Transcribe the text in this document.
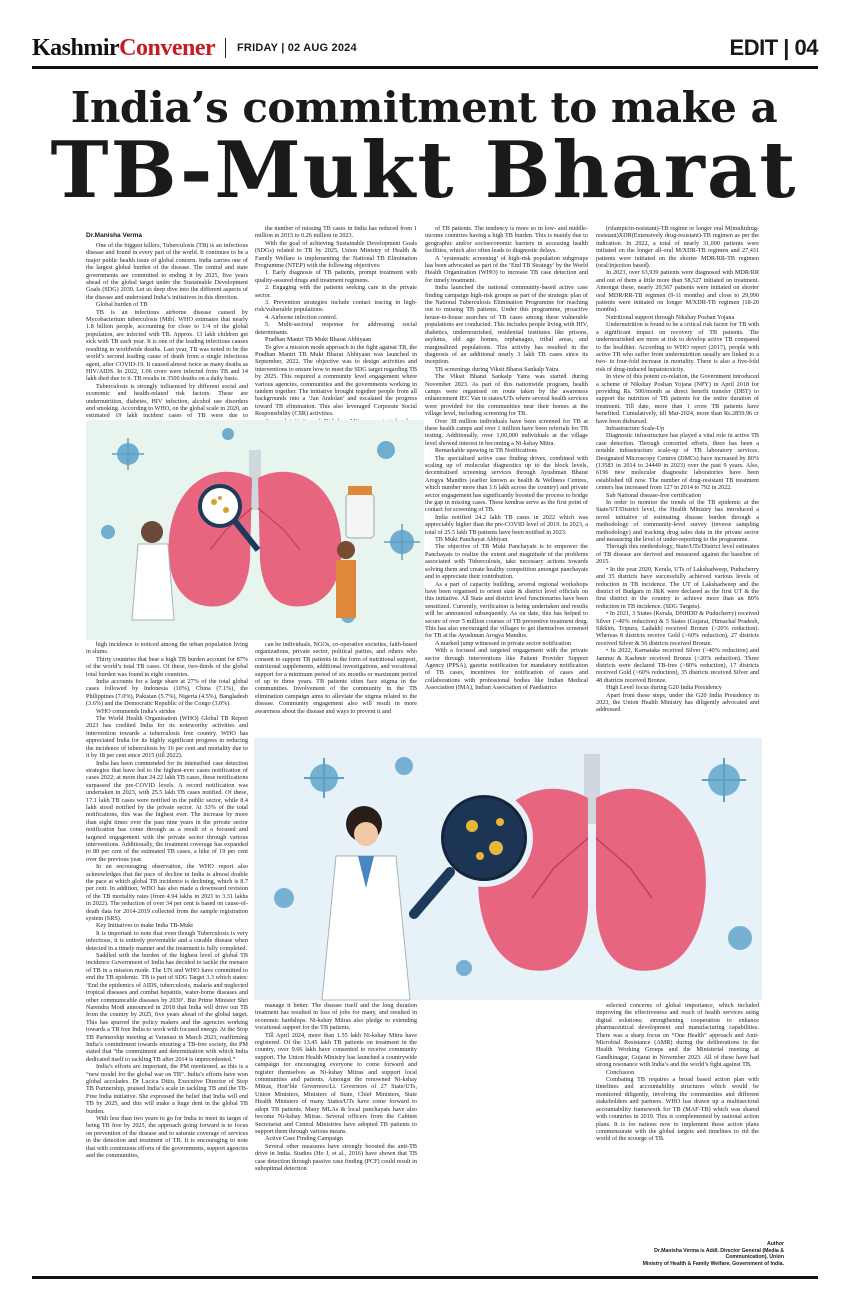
KashmirConvener FRIDAY | 02 AUG 2024	EDIT | 04
India’s commitment to make a
TB-Mukt Bharat
Dr.Manisha Verma

One of the biggest killers, Tuberculosis (TB) is an infectious disease and found in every part of the world. It continues to be a major public health issue of global concern. India carries one of the largest global burden of the disease. The central and state governments are committed to ending it by 2025, five years ahead of the global target under the Sustainable Development Goals (SDG) 2030. Let us deep dive into the different aspects of the disease and understand India’s initiatives in this direction.

Global burden of TB

TB is an infectious airborne disease caused by Mycobacterium tuberculosis (Mtb). WHO estimates that nearly 1.8 billion people, accounting for close to 1/4 of the global population, are infected with TB. Approx. 13 lakh children get sick with TB each year. It is one of the leading infectious causes resulting in worldwide deaths. Last year, TB was noted to be the world’s second leading cause of death from a single infectious agent, after COVID-19. It caused almost twice as many deaths as HIV/AIDS. In 2022, 1.06 crore were infected from TB and 14 lakh died due to it. TB results in 3500 deaths on a daily basis.

Tuberculosis is strongly influenced by different social and economic and health-related risk factors. These are undernutrition, diabetes, HIV infection, alcohol use disorders and smoking. According to WHO, on the global scale in 2020, an estimated 19 lakh incident cases of TB were due to

the number of missing TB cases in India has reduced from 1 million in 2015 to 0.26 million in 2023.

With the goal of achieving Sustainable Development Goals (SDGs) related to TB by 2025, Union Ministry of Health & Family Welfare is implementing the National TB Elimination Programme (NTEP) with the following objectives:

1. Early diagnosis of TB patients, prompt treatment with quality-assured drugs and treatment regimens.

2. Engaging with the patients seeking care in the private sector.

3. Prevention strategies include contact tracing in high-risk/vulnerable populations.

4. Airborne infection control.

5. Multi-sectoral response for addressing social determinants.

Pradhan Mantri TB Mukt Bharat Abhiyaan

To give a mission mode approach to the fight against TB, the Pradhan Mantri TB Mukt Bharat Abhiyaan was launched in September, 2022. The objective was to design activities and interventions to ensure how to meet the SDG target regarding TB by 2025. This required a community level engagement where various agencies, communities and the governments working in tandem together. The initiative brought together people from all backgrounds into a ‘Jan Andolan’ and escalated the progress toward TB elimination. This also leveraged Corporate Social Responsibility (CSR) activities.

of TB patients. The tendency is more so in low- and middle-income countries having a high TB burden. This is mainly due to geographic and/or socioeconomic barriers in accessing health facilities, which also often leads to diagnostic delays.

A ‘systematic screening’ of high-risk population subgroups has been advocated as part of the ‘End TB Strategy’ by the World Health Organization (WHO) to increase TB case detection and for timely treatment.

India launched the national community-based active case finding campaign high-risk groups as part of the strategic plan of the National Tuberculosis Elimination Programme for reaching out to missing TB patients. Under this programme, proactive house-to-house searches of TB cases among these vulnerable populations are conducted. This includes people living with HIV, diabetics, undernourished, residential institutes like prisons, asylums, old age homes, orphanages, tribal areas, and marginalized populations. This activity has resulted in the diagnosis of an additional nearly 3 lakh TB cases since its inception.

TB screenings during Viksit Bharat Sankalp Yatra

The Viksit Bharat Sankalp Yatra was started during November 2023. As part of this nationwide program, health camps were organised on route taken by the awareness enhancement IEC Van in states/UTs where several health services were provided for the communities near their homes at the village level, including screening for TB.

Over 38 million individuals have been screened for TB at these health camps and over 1 million have been referrals for TB testing. Additionally, over 1,00,000 individuals at the village level showed interest in becoming a Ni-kshay Mitra.

Remarkable upswing in TB Notifications

The specialised active case finding drives, combined with scaling up of molecular diagnostics up to the block levels, decentralised screening services through Ayushman Bharat Arogya Mandirs (earlier known as health & Wellness Centres, which number more than 1.6 lakh across the country) and private sector engagement has significantly boosted the process to bridge the gap in missing cases. These kendras serve as the first point of contact for screening of TB.

India notified 24.2 lakh TB cases in 2022 which was appreciably higher than the pre-COVID level of 2019. In 2023, a total of 25.5 lakh TB patients have been notified in 2023.

TB Mukt Panchayat Abhiyan

The objective of TB Mukt Panchayats is to empower the Panchayats to realize the extent and magnitude of the problems associated with Tuberculosis, take necessary actions towards solving them and create healthy competition amongst panchayats and to appreciate their contribution.

As a part of capacity building, several regional workshops have been organised to orient state & district level officials on this initiative. All State and district level functionaries have been sensitized. Currently, verification is being undertaken and results will be announced subsequently. As on date, this has helped to secure of over 5 million courses of TB preventive treatment drug. This has also encouraged the villages to get themselves screened for TB at the Ayushman Arogya Mandirs.

A marked jump witnessed in private sector notification

With a focused and targeted engagement with the private sector through interventions like Patient Provider Support Agency (PPSA), gazette notification for mandatory notification of TB cases, incentives for notification of cases and collaborations with professional bodies like Indian Medical Association (IMA), Indian Association of Paediatrics

(rifampicin-resistant)-TB regime or longer oral M(multidrug-resistant)XDR(Extensively drug-resistant)-TB regimen as per the indication. In 2022, a total of nearly 31,000 patients were initiated on the longer all-oral M/XDR-TB regimen and 27,431 patients were initiated on the shorter MDR/RR-TB regimen (oral/injection based).

In 2023, over 63,939 patients were diagnosed with MDR/RR and out of them a little more than 58,527 initiated on treatment. Amongst these, nearly 20,567 patients were initiated on shorter oral MDR/RR-TB regimen (9-11 months) and close to 29,990 patients were initiated on longer M/XDR-TB regimen (18-20 months).

Nutritional support through Nikshay Poshan Yojana

Undernutrition is found to be a critical risk factor for TB with a significant impact on recovery of TB patients. The undernourished are more at risk to develop active TB compared to the healthier. According to WHO report (2017), people with active TB who suffer from undernutrition usually are linked to a two- to four-fold increase in mortality. There is also a five-fold risk of drug-induced hepatotoxicity.

In view of this potent co-relation, the Government introduced a scheme of Nikshay Poshan Yojana (NPY) in April 2018 for providing Rs. 500/month as direct benefit transfer (DBT) to support the nutrition of TB patients for the entire duration of treatment. Till date, more than 1 crore TB patients have benefited. Cumulatively, till Mar-2024, more than Rs.2859.96 cr have been disbursed.

Infrastructure Scale-Up

Diagnostic infrastructure has played a vital role in active TB case detection. Through concerted efforts, there has been a notable infrastructure scale-up of TB laboratory services. Designated Microscopy Centres (DMCs) have increased by 80% (13583 in 2014 to 24449 in 2023) over the past 9 years. Also, 6196 new molecular diagnostic laboratories have been established till now. The number of drug-resistant TB treatment centers has increased from 127 in 2014 to 792 in 2022.

Sub National disease-free certification

In order to monitor the trends of the TB epidemic at the State/UT/District level, the Health Ministry has introduced a novel initiative of estimating disease burden through a methodology of community-level survey (inverse sampling methodology) and tracking drug sales data in the private sector and measuring the level of under-reporting to the programme.

Through this methodology, State/UTs/District level estimates of TB disease are derived and measured against the baseline of 2015.

• In the year 2020, Kerala, UTs of Lakshadweep, Puducherry and 35 districts have successfully achieved various levels of reduction in TB incidence. The UT of Lakshadweep and the district of Budgam in J&K were declared as the first UT & the first district in the country to achieve more than an 80% reduction in TB incidence. (SDG Targets).

• In 2021, 3 States (Kerala, DNHDD & Puducherry) received Silver (>40% reduction) & 5 States (Gujarat, Himachal Pradesh, Sikkim, Tripura, Ladakh) received Bronze (>20% reduction). Whereas 8 districts receive Gold (>60% reduction), 27 districts received Silver & 56 districts received Bronze.

• In 2022, Karnataka received Silver (>40% reduction) and Jammu & Kashmir received Bronze (>20% reduction). Three districts were declared TB-free (>80% reduction), 17 districts received Gold (>60% reduction), 35 districts received Silver and 48 districts received Bronze.

High Level focus during G20 India Presidency

Apart from these steps, under the G20 India Presidency in 2023, the Union Health Ministry has diligently advocated and addressed

high incidence is noticed among the urban population living in slums.

Thirty countries that bear a high TB burden account for 87% of the world’s total TB cases. Of these, two-thirds of the global total burden was found in eight countries.

India accounts for a large share at 27% of the total global cases followed by Indonesia (10%), China (7.1%), the Philippines (7.0%), Pakistan (5.7%), Nigeria (4.5%), Bangladesh (3.6%) and the Democratic Republic of the Congo (3.0%).

WHO commends India’s strides

The World Health Organisation (WHO) Global TB Report 2023 has credited India for its noteworthy activities and intervention towards a tuberculosis free country. WHO has appreciated India for its highly significant progress in reducing the incidence of tuberculosis by 16 per cent and mortality due to it by 18 per cent since 2015 (till 2022).

India has been commended for its intensified case detection strategies that have led to the highest-ever cases notification of cases 2022; at more than 24.22 lakh TB cases, these notifications surpassed the pre-COVID levels. A record notification was undertaken in 2023, with 25.5 lakh TB cases notified. Of these, 17.1 lakh TB cases were notified in the public sector, while 8.4 lakh stood notified by the private sector. At 33% of the total notifications, this was the highest ever. The increase by more than eight times over the past nine years in the private sector notification has come through as a result of a focused and targeted engagement with the private sector through various interventions. Additionally, the treatment coverage has expanded to 80 per cent of the estimated TB cases, a hike of 19 per cent over the previous year.

In an encouraging observation, the WHO report also acknowledges that the pace of decline in India is almost double the pace at which global TB incidence is declining, which is 8.7 per cent. In addition, WHO has also made a downward revision of the TB mortality rates (from 4.94 lakhs in 2021 to 3.31 lakhs in 2022). The reduction of over 34 per cent is based on cause-of-death data for 2014-2019 collected from the sample registration system (SRS).

Key Initiatives to make India TB-Mukt

It is important to note that even though Tuberculosis is very infectious, it is entirely preventable and a curable disease when detected in a timely manner and the treatment is fully completed.

Saddled with the burden of the highest level of global TB incidence Government of India has decided to tackle the menace of TB in a mission mode. The UN and WHO have committed to end the TB epidemic. TB is part of SDG Target 3.3 which states: ‘End the epidemics of AIDS, tuberculosis, malaria and neglected tropical diseases and combat hepatitis, water-borne diseases and other communicable diseases by 2030’. But Prime Minister Shri Narendra Modi announced in 2018 that India will drive out TB from the country by 2025, five years ahead of the global target. This has spurred the policy makers and the agencies working towards a TB free India to work with focused energy. At the Stop TB Partnership meeting at Varanasi in March 2023, reaffirming India’s commitment towards ensuring a TB-free society, the PM stated that “the commitment and determination with which India dedicated itself to tackling TB after 2014 is unprecedented.”

India’s efforts are important, the PM mentioned, as this is a “new model for the global war on TB”. India’s efforts have won global accolades. Dr Lucica Ditiu, Executive Director of Stop TB Partnership, praised India’s scale in tackling TB and the TB-Free India initiative. She expressed the belief that India will end TB by 2025, and this will make a huge dent in the global TB burden.

With less than two years to go for India to meet its target of being TB free by 2025, the approach going forward is to focus on prevention of the disease and to saturate coverage of services in the detection and treatment of TB. It is encouraging to note that with continuous efforts of the governments, support agencies and the communities,

can be individuals, NGOs, co-operative societies, faith-based organizations, private sector, political parties, and others who consent to support TB patients in the form of nutritional support, nutritional supplements, additional investigations, and vocational support for a minimum period of six months or maximum period of up to three years. TB patients often face stigma in the communities. Involvement of the community in the TB elimination campaign aims to alleviate the stigma related to the disease. Community engagement also will result in more awareness about the disease and ways to prevent it and

manage it better. The disease itself and the long duration treatment has resulted in loss of jobs for many, and resulted in economic hardships. Ni-kshay Mitras also pledge to extending vocational support for the TB patients.

Till April 2024, more than 1.55 lakh Ni-kshay Mitra have registered. Of the 13.45 lakh TB patients on treatment in the country, over 9.66 lakh have consented to receive community support. The Union Health Ministry has launched a countrywide campaign for encouraging everyone to come forward and register themselves as Ni-kshay Mitras and support local communities and patients. Amongst the renowned Ni-kshay Mitras, Hon’ble Governors/Lt. Governors of 27 State/UTs, Union Ministers, Ministers of State, Chief Ministers, State Health Ministers of many States/UTs have come forward to adopt TB patients. Many MLAs & local panchayats have also become Ni-kshay Mitras. Several officers from the Cabinet Secretariat and Central Ministries have adopted TB patients to support them through various means.

Active Case Finding Campaign

Several other measures have strongly boosted the anti-TB drive in India. Studies (Ho J, et al., 2016) have shown that TB case detection through passive case finding (PCF) could result in suboptimal detection

selected concerns of global importance, which included improving the effectiveness and reach of health services using digital solutions; strengthening cooperation to enhance pharmaceutical development and manufacturing capabilities. There was a sharp focus on “One Health” approach and Anti-Microbial Resistance (AMR) during the deliberations in the Health Working Groups and the Ministerial meeting at Gandhinagar, Gujarat in November 2023. All of these have had strong resonance with India’s and the world’s fight against TB.

Conclusion

Combating TB requires a broad based action plan with timelines and accountability structures which would be monitored diligently, involving the communities and different stakeholders and partners. WHO has drawn up a multisectoral accountability framework for TB (MAF-TB) which was shared with countries in 2019. This is complemented by national action plans. It is for nations now to implement these action plans commensurate with the global targets and timelines to rid the world of the scourge of TB.

Author
Dr.Manisha Verma is Addl. Director General (Media & Communication), Union
Ministry of Health & Family Welfare, Government of India.
